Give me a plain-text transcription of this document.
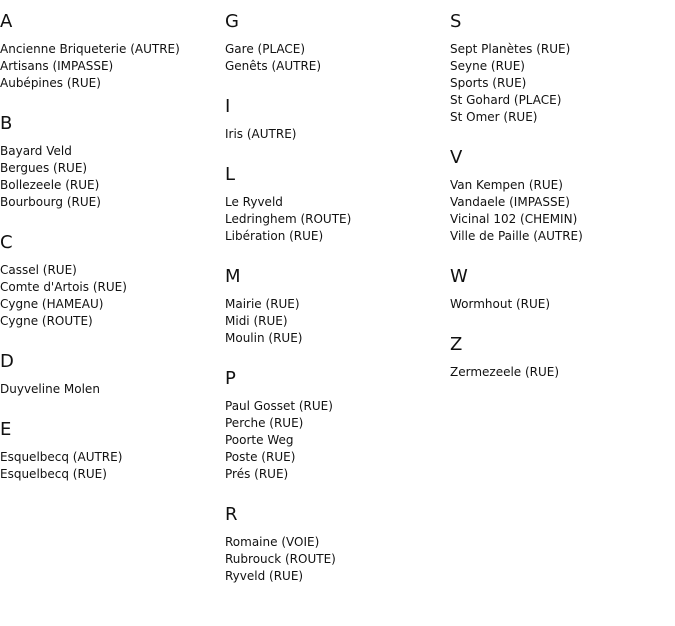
A
Ancienne Briqueterie (AUTRE)
Artisans (IMPASSE)
Aubépines (RUE)
B
Bayard Veld
Bergues (RUE)
Bollezeele (RUE)
Bourbourg (RUE)
C
Cassel (RUE)
Comte d'Artois (RUE)
Cygne (HAMEAU)
Cygne (ROUTE)
D
Duyveline Molen
E
Esquelbecq (AUTRE)
Esquelbecq (RUE)
G
Gare (PLACE)
Genêts (AUTRE)
I
Iris (AUTRE)
L
Le Ryveld
Ledringhem (ROUTE)
Libération (RUE)
M
Mairie (RUE)
Midi (RUE)
Moulin (RUE)
P
Paul Gosset (RUE)
Perche (RUE)
Poorte Weg
Poste (RUE)
Prés (RUE)
R
Romaine (VOIE)
Rubrouck (ROUTE)
Ryveld (RUE)
S
Sept Planètes (RUE)
Seyne (RUE)
Sports (RUE)
St Gohard (PLACE)
St Omer (RUE)
V
Van Kempen (RUE)
Vandaele (IMPASSE)
Vicinal 102 (CHEMIN)
Ville de Paille (AUTRE)
W
Wormhout (RUE)
Z
Zermezeele (RUE)
